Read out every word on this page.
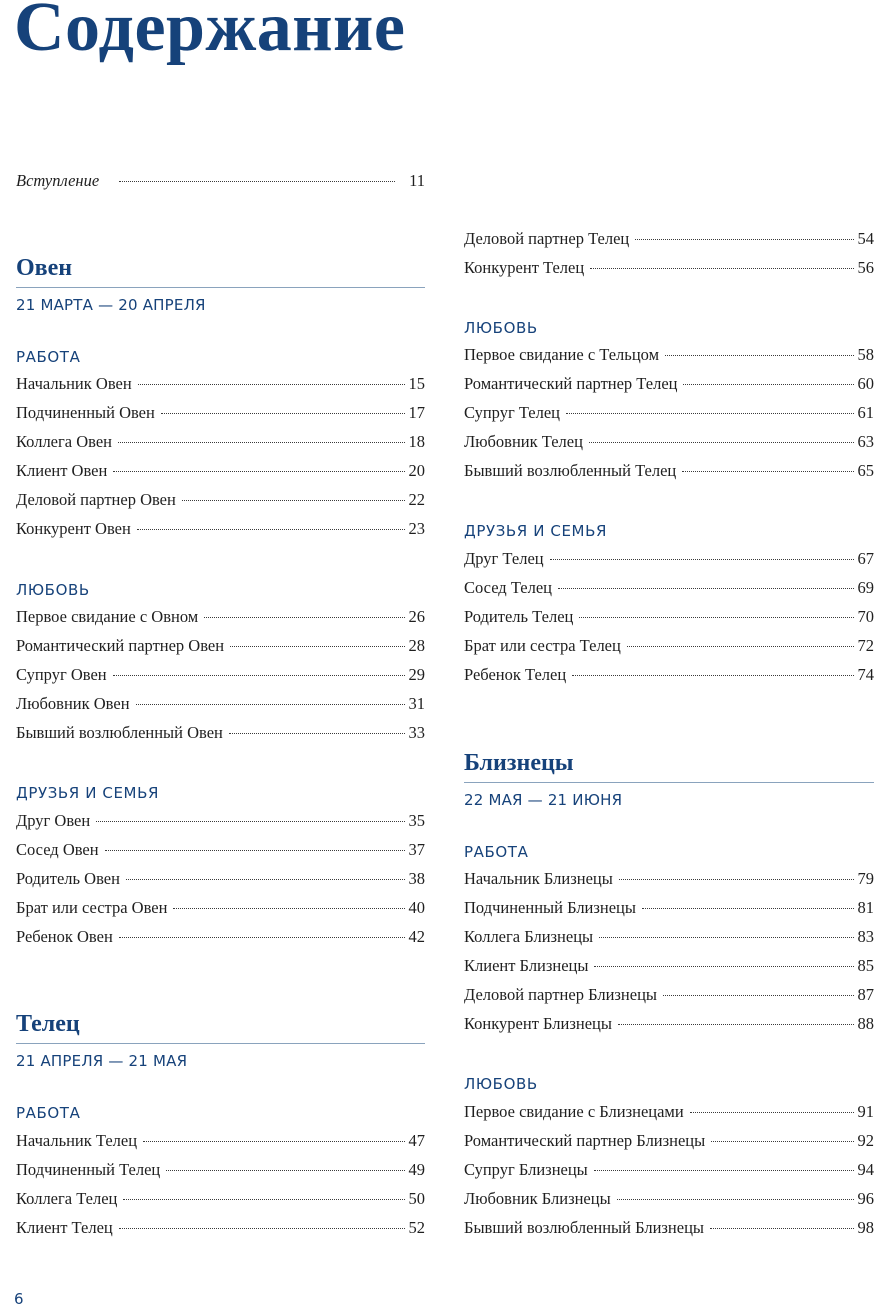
Содержание
Вступление	11
Овен
21 МАРТА — 20 АПРЕЛЯ
РАБОТА
Начальник Овен	15
Подчиненный Овен	17
Коллега Овен	18
Клиент Овен	20
Деловой партнер Овен	22
Конкурент Овен	23
ЛЮБОВЬ
Первое свидание с Овном	26
Романтический партнер Овен	28
Супруг Овен	29
Любовник Овен	31
Бывший возлюбленный Овен	33
ДРУЗЬЯ И СЕМЬЯ
Друг Овен	35
Сосед Овен	37
Родитель Овен	38
Брат или сестра Овен	40
Ребенок Овен	42
Телец
21 АПРЕЛЯ — 21 МАЯ
РАБОТА
Начальник Телец	47
Подчиненный Телец	49
Коллега Телец	50
Клиент Телец	52
Деловой партнер Телец	54
Конкурент Телец	56
ЛЮБОВЬ
Первое свидание с Тельцом	58
Романтический партнер Телец	60
Супруг Телец	61
Любовник Телец	63
Бывший возлюбленный Телец	65
ДРУЗЬЯ И СЕМЬЯ
Друг Телец	67
Сосед Телец	69
Родитель Телец	70
Брат или сестра Телец	72
Ребенок Телец	74
Близнецы
22 МАЯ — 21 ИЮНЯ
РАБОТА
Начальник Близнецы	79
Подчиненный Близнецы	81
Коллега Близнецы	83
Клиент Близнецы	85
Деловой партнер Близнецы	87
Конкурент Близнецы	88
ЛЮБОВЬ
Первое свидание с Близнецами	91
Романтический партнер Близнецы	92
Супруг Близнецы	94
Любовник Близнецы	96
Бывший возлюбленный Близнецы	98
6
